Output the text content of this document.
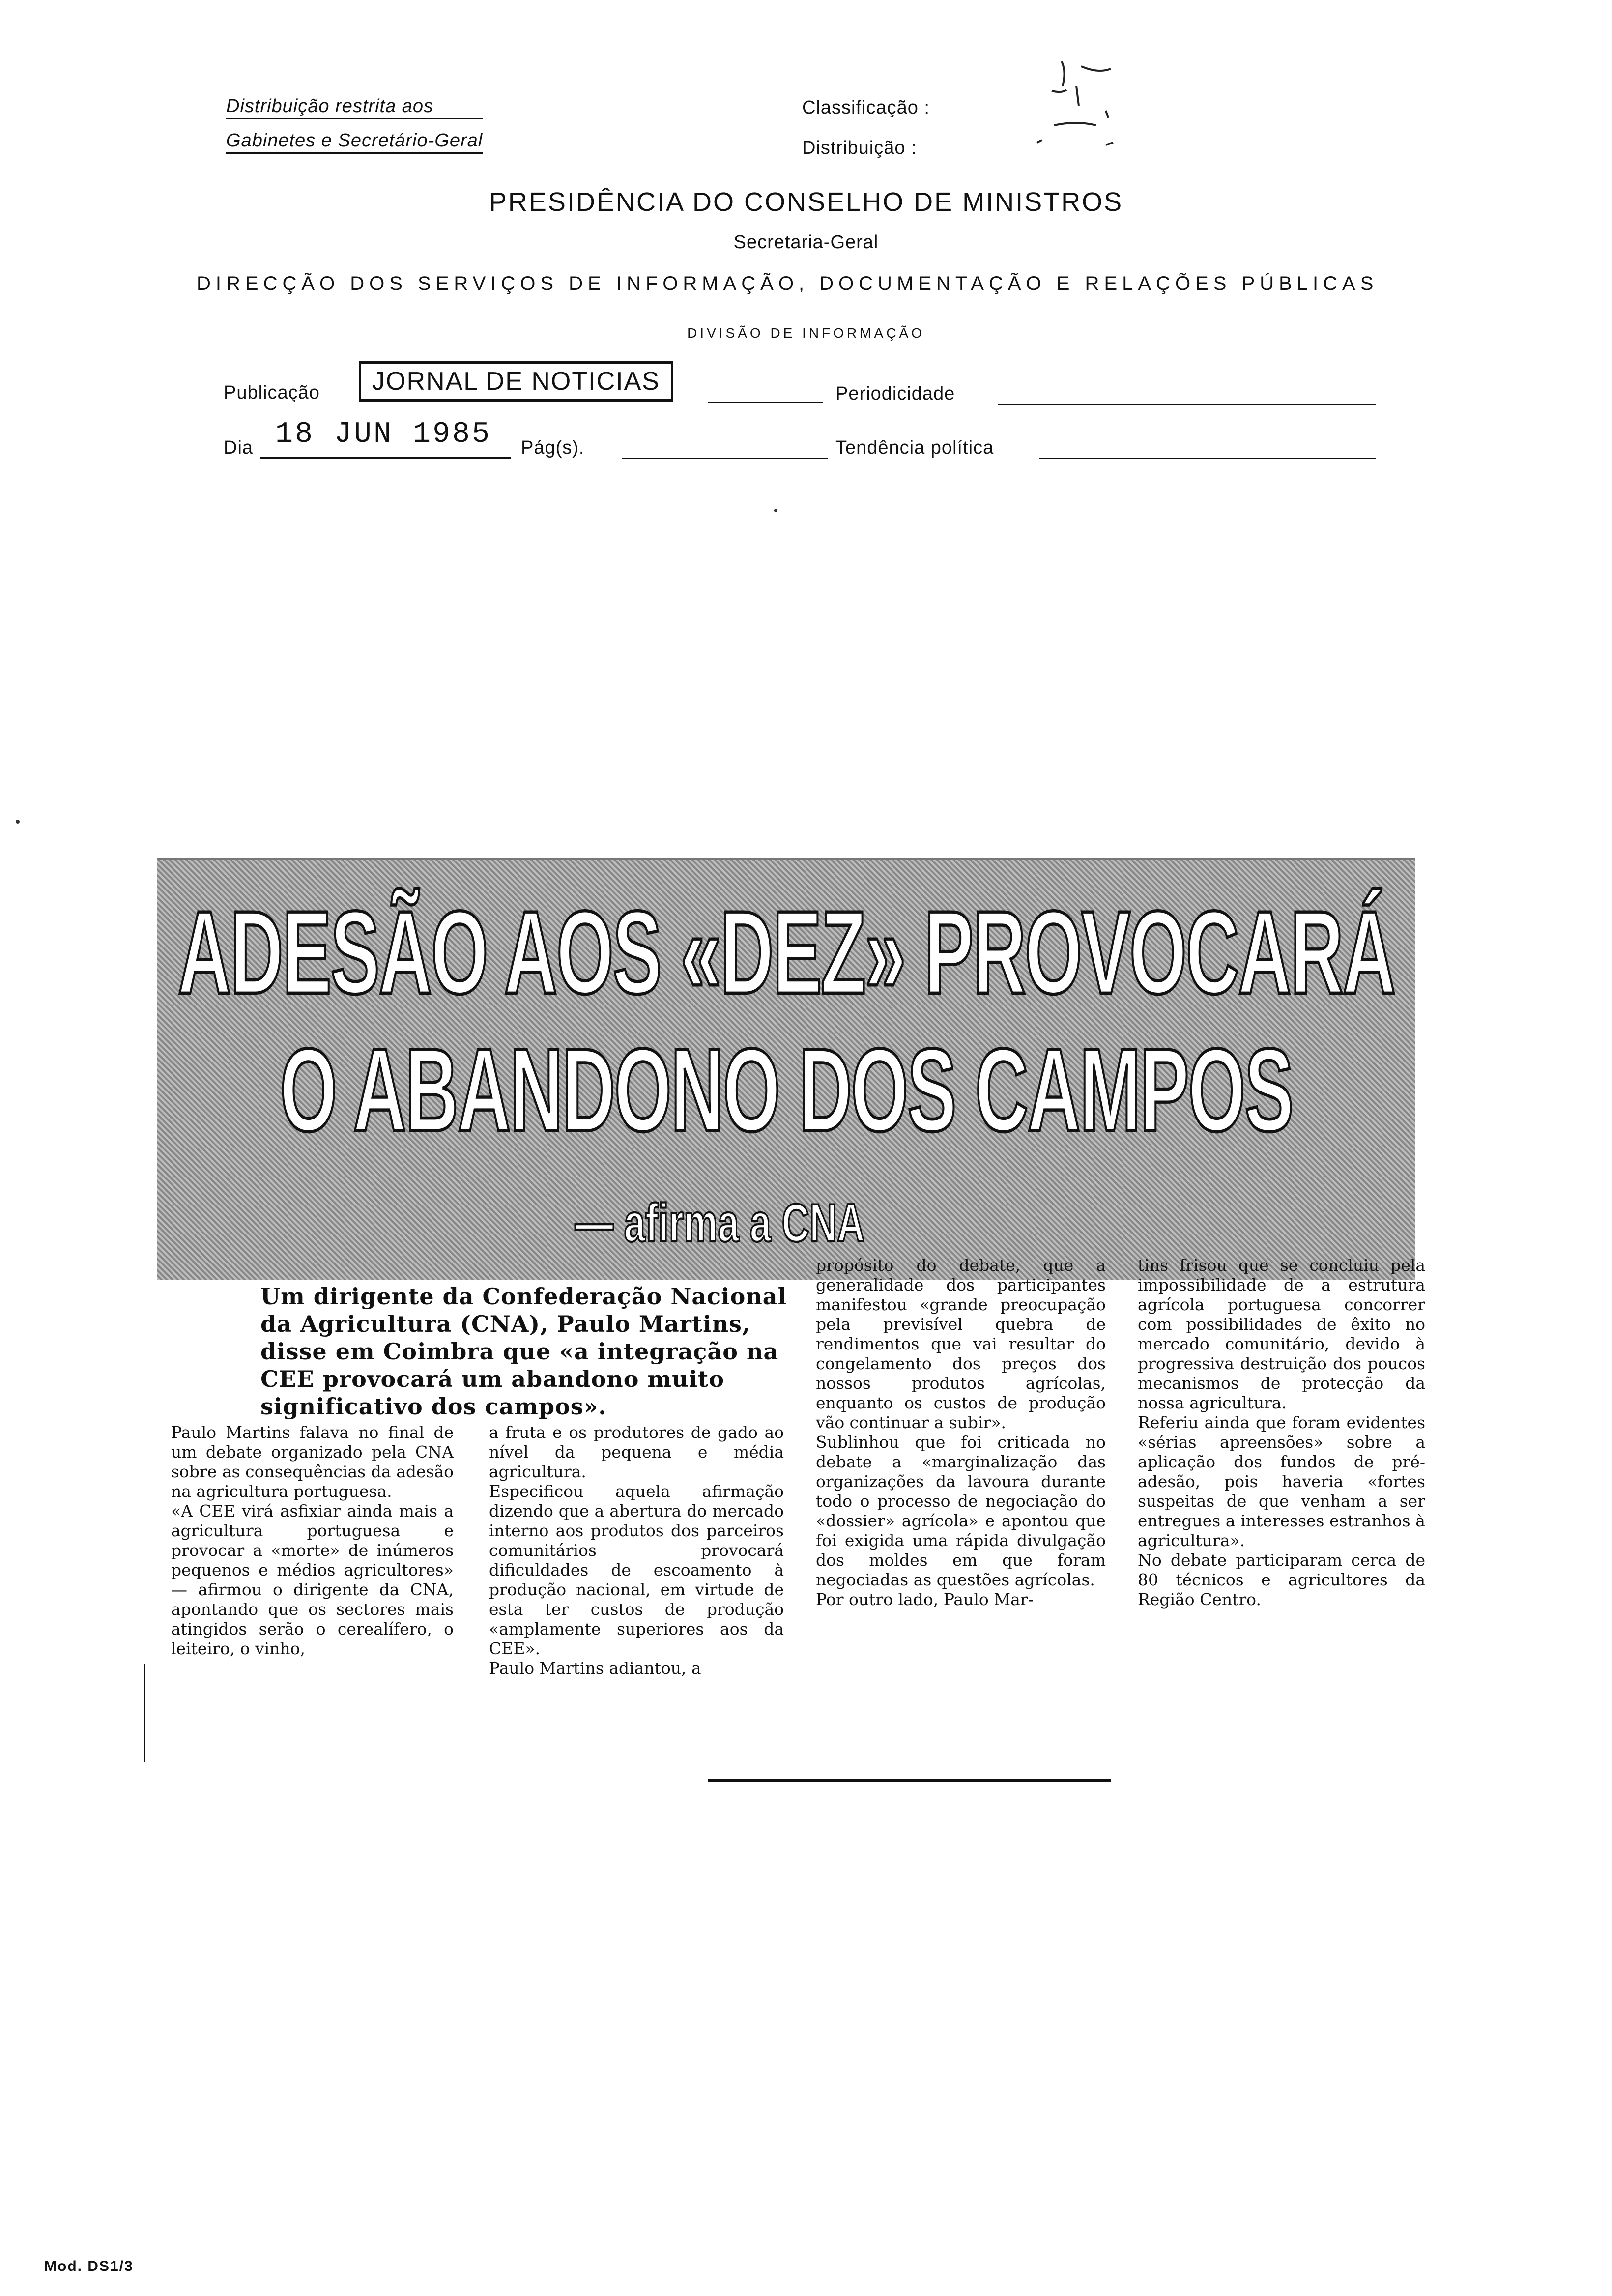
Distribuição restrita aos
Gabinetes e Secretário-Geral
Classificação :
Distribuição :
PRESIDÊNCIA DO CONSELHO DE MINISTROS
Secretaria-Geral
DIRECÇÃO DOS SERVIÇOS DE INFORMAÇÃO, DOCUMENTAÇÃO E RELAÇÕES PÚBLICAS
DIVISÃO DE INFORMAÇÃO
Publicação	JORNAL DE NOTICIAS	Periodicidade
Dia 18 JUN 1985 Pág(s).	Tendência política
ADESÃO AOS «DEZ» PROVOCARÁ
O ABANDONO DOS CAMPOS
— afirma a CNA
Um dirigente da Confederação Nacional da Agricultura (CNA), Paulo Martins, disse em Coimbra que «a integração na CEE provocará um abandono muito significativo dos campos».
Paulo Martins falava no final de um debate organizado pela CNA sobre as consequências da adesão na agricultura portuguesa.
«A CEE virá asfixiar ainda mais a agricultura portuguesa e provocar a «morte» de inúmeros pequenos e médios agricultores» — afirmou o dirigente da CNA, apontando que os sectores mais atingidos serão o cerealífero, o leiteiro, o vinho,
a fruta e os produtores de gado ao nível da pequena e média agricultura.
Especificou aquela afirmação dizendo que a abertura do mercado interno aos produtos dos parceiros comunitários provocará dificuldades de escoamento à produção nacional, em virtude de esta ter custos de produção «amplamente superiores aos da CEE».
Paulo Martins adiantou, a
propósito do debate, que a generalidade dos participantes manifestou «grande preocupação pela previsível quebra de rendimentos que vai resultar do congelamento dos preços dos nossos produtos agrícolas, enquanto os custos de produção vão continuar a subir».
Sublinhou que foi criticada no debate a «marginalização das organizações da lavoura durante todo o processo de negociação do «dossier» agrícola» e apontou que foi exigida uma rápida divulgação dos moldes em que foram negociadas as questões agrícolas.
Por outro lado, Paulo Mar-
tins frisou que se concluiu pela impossibilidade de a estrutura agrícola portuguesa concorrer com possibilidades de êxito no mercado comunitário, devido à progressiva destruição dos poucos mecanismos de protecção da nossa agricultura.
Referiu ainda que foram evidentes «sérias apreensões» sobre a aplicação dos fundos de pré-adesão, pois haveria «fortes suspeitas de que venham a ser entregues a interesses estranhos à agricultura».
No debate participaram cerca de 80 técnicos e agricultores da Região Centro.
Mod. DS1/3
